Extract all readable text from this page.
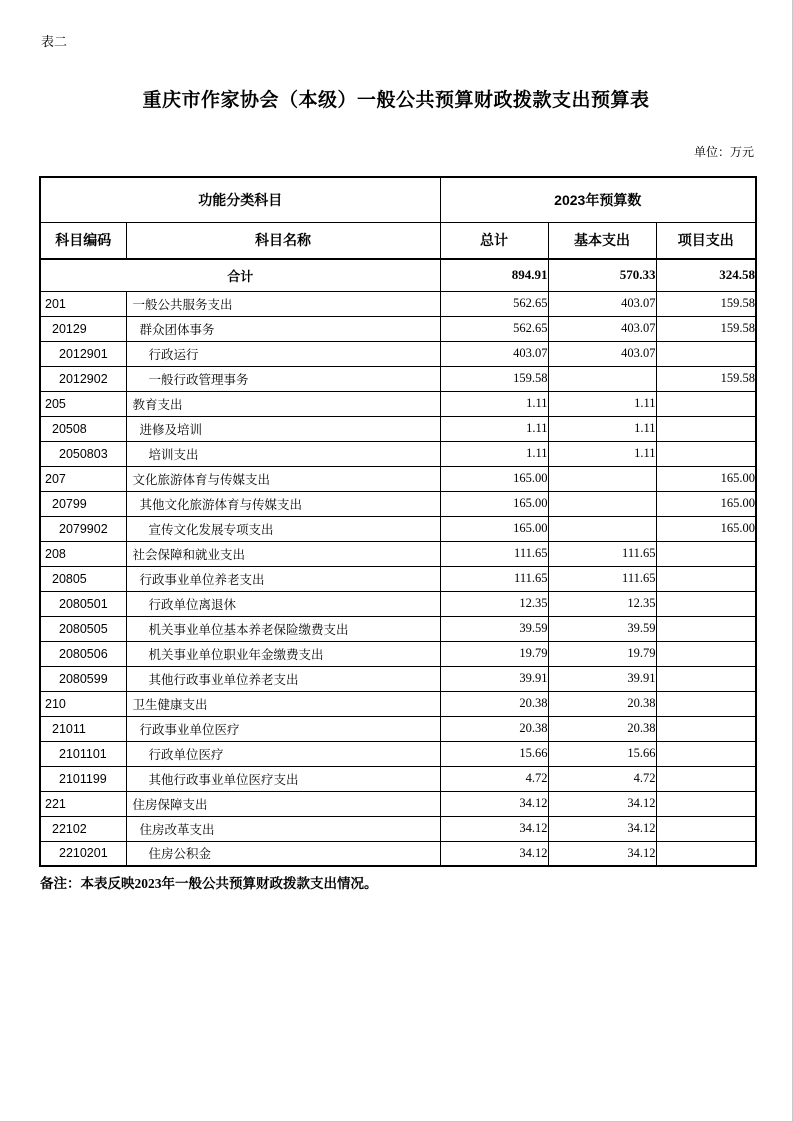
表二
重庆市作家协会（本级）一般公共预算财政拨款支出预算表
单位：万元
功能分类科目		2023年预算数		
科目编码	科目名称	总计	基本支出	项目支出
合计		894.91	570.33	324.58
201	一般公共服务支出	562.65	403.07	159.58
20129	群众团体事务	562.65	403.07	159.58
2012901	行政运行	403.07	403.07	
2012902	一般行政管理事务	159.58		159.58
205	教育支出	1.11	1.11	
20508	进修及培训	1.11	1.11	
2050803	培训支出	1.11	1.11	
207	文化旅游体育与传媒支出	165.00		165.00
20799	其他文化旅游体育与传媒支出	165.00		165.00
2079902	宣传文化发展专项支出	165.00		165.00
208	社会保障和就业支出	111.65	111.65	
20805	行政事业单位养老支出	111.65	111.65	
2080501	行政单位离退休	12.35	12.35	
2080505	机关事业单位基本养老保险缴费支出	39.59	39.59	
2080506	机关事业单位职业年金缴费支出	19.79	19.79	
2080599	其他行政事业单位养老支出	39.91	39.91	
210	卫生健康支出	20.38	20.38	
21011	行政事业单位医疗	20.38	20.38	
2101101	行政单位医疗	15.66	15.66	
2101199	其他行政事业单位医疗支出	4.72	4.72	
221	住房保障支出	34.12	34.12	
22102	住房改革支出	34.12	34.12	
2210201	住房公积金	34.12	34.12	
备注：本表反映2023年一般公共预算财政拨款支出情况。
